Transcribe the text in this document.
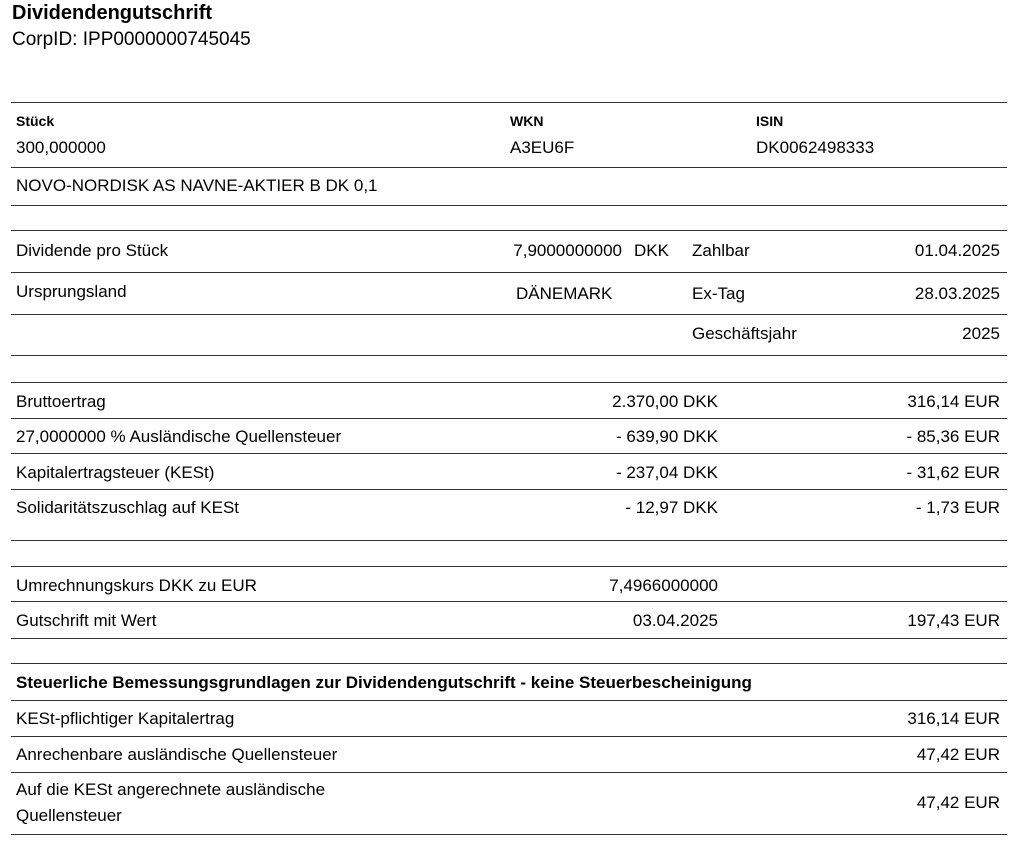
Dividendengutschrift
CorpID: IPP0000000745045
Stück	WKN	ISIN
300,000000	A3EU6F	DK0062498333
NOVO-NORDISK AS NAVNE-AKTIER B DK 0,1
Dividende pro Stück	7,9000000000 DKK Zahlbar	01.04.2025
Ursprungsland	DÄNEMARK	Ex-Tag	28.03.2025
Geschäftsjahr	2025
Bruttoertrag	2.370,00 DKK	316,14 EUR
27,0000000 % Ausländische Quellensteuer	- 639,90 DKK	- 85,36 EUR
Kapitalertragsteuer (KESt)	- 237,04 DKK	- 31,62 EUR
Solidaritätszuschlag auf KESt	- 12,97 DKK	- 1,73 EUR
Umrechnungskurs DKK zu EUR	7,4966000000
Gutschrift mit Wert	03.04.2025	197,43 EUR
Steuerliche Bemessungsgrundlagen zur Dividendengutschrift - keine Steuerbescheinigung
KESt-pflichtiger Kapitalertrag	316,14 EUR
Anrechenbare ausländische Quellensteuer	47,42 EUR
Auf die KESt angerechnete ausländische
Quellensteuer
47,42 EUR
